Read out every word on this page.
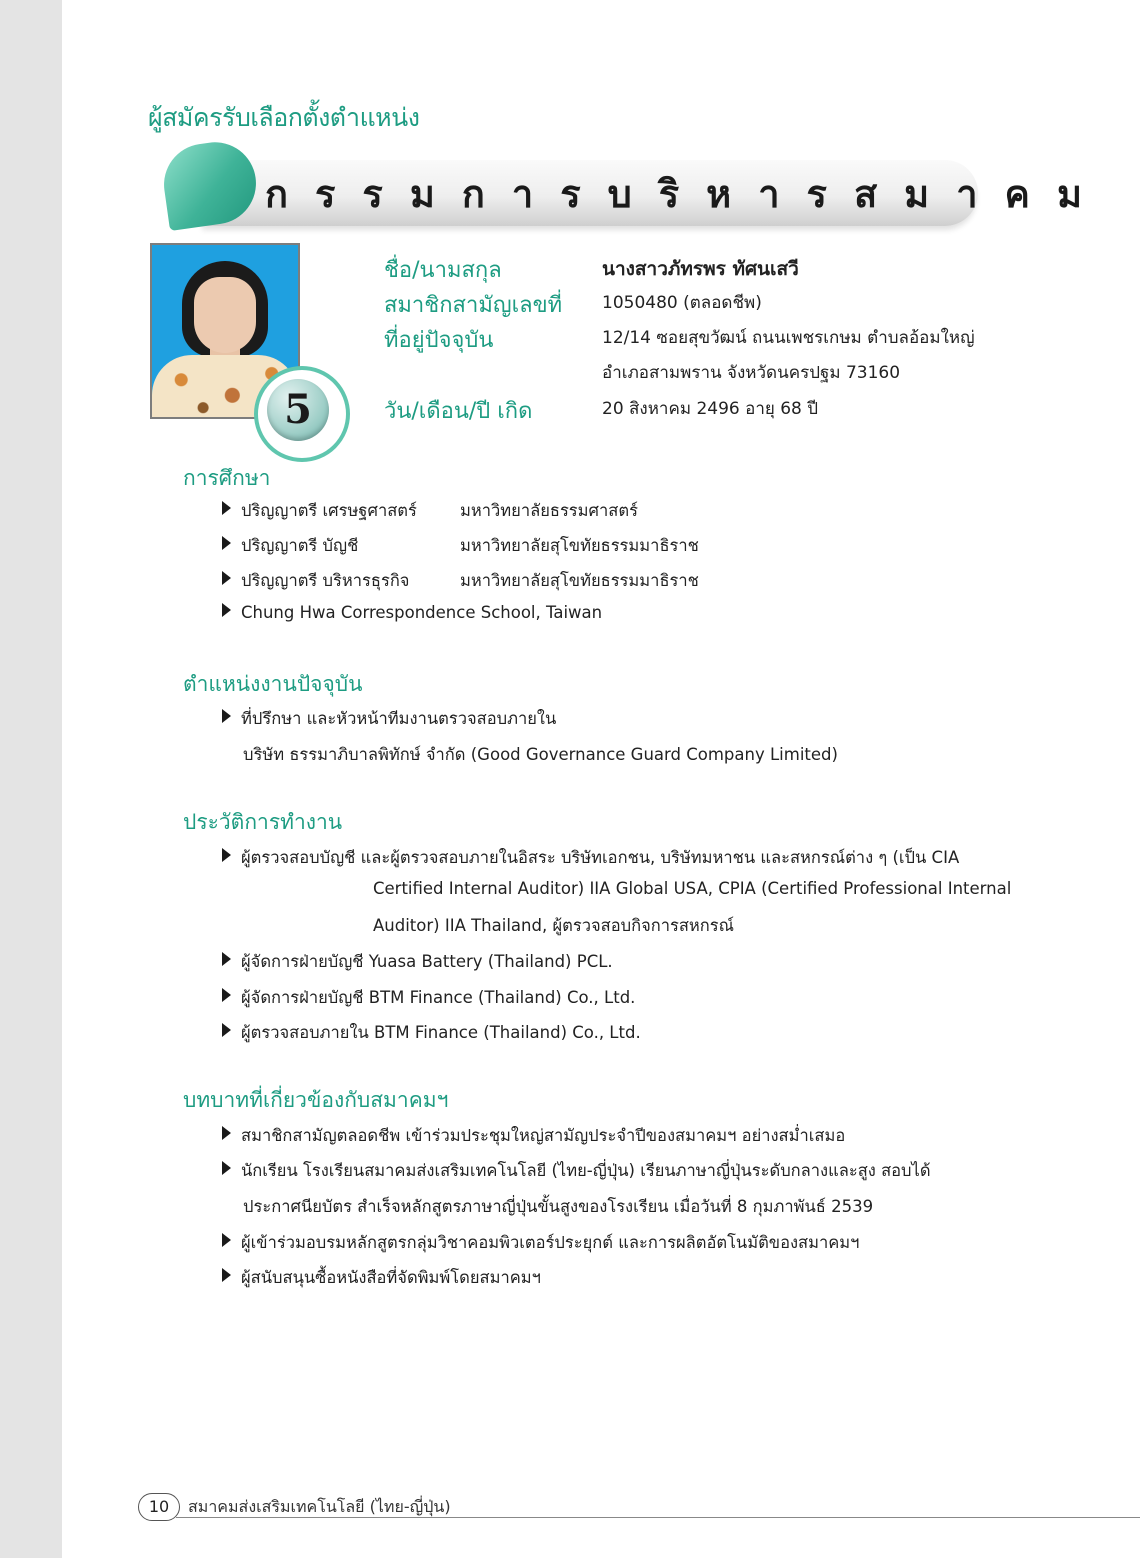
ผู้สมัครรับเลือกตั้งตำแหน่ง
กรรมการบริหารสมาคม
5
ชื่อ/นามสกุล	นางสาวภัทรพร ทัศนเสวี
สมาชิกสามัญเลขที่ 1050480 (ตลอดชีพ)
ที่อยู่ปัจจุบัน	12/14 ซอยสุขวัฒน์ ถนนเพชรเกษม ตำบลอ้อมใหญ่
อำเภอสามพราน จังหวัดนครปฐม 73160
วัน/เดือน/ปี เกิด	20 สิงหาคม 2496 อายุ 68 ปี
การศึกษา
ปริญญาตรี เศรษฐศาสตร์	มหาวิทยาลัยธรรมศาสตร์
ปริญญาตรี บัญชี	มหาวิทยาลัยสุโขทัยธรรมมาธิราช
ปริญญาตรี บริหารธุรกิจ	มหาวิทยาลัยสุโขทัยธรรมมาธิราช
Chung Hwa Correspondence School, Taiwan
ตำแหน่งงานปัจจุบัน
ที่ปรึกษา และหัวหน้าทีมงานตรวจสอบภายใน
บริษัท ธรรมาภิบาลพิทักษ์ จำกัด (Good Governance Guard Company Limited)
ประวัติการทำงาน
ผู้ตรวจสอบบัญชี และผู้ตรวจสอบภายในอิสระ บริษัทเอกชน, บริษัทมหาชน และสหกรณ์ต่าง ๆ (เป็น CIA
Certified Internal Auditor) IIA Global USA, CPIA (Certified Professional Internal
Auditor) IIA Thailand, ผู้ตรวจสอบกิจการสหกรณ์
ผู้จัดการฝ่ายบัญชี Yuasa Battery (Thailand) PCL.
ผู้จัดการฝ่ายบัญชี BTM Finance (Thailand) Co., Ltd.
ผู้ตรวจสอบภายใน BTM Finance (Thailand) Co., Ltd.
บทบาทที่เกี่ยวข้องกับสมาคมฯ
สมาชิกสามัญตลอดชีพ เข้าร่วมประชุมใหญ่สามัญประจำปีของสมาคมฯ อย่างสม่ำเสมอ
นักเรียน โรงเรียนสมาคมส่งเสริมเทคโนโลยี (ไทย-ญี่ปุ่น) เรียนภาษาญี่ปุ่นระดับกลางและสูง สอบได้
ประกาศนียบัตร สำเร็จหลักสูตรภาษาญี่ปุ่นขั้นสูงของโรงเรียน เมื่อวันที่ 8 กุมภาพันธ์ 2539
ผู้เข้าร่วมอบรมหลักสูตรกลุ่มวิชาคอมพิวเตอร์ประยุกต์ และการผลิตอัตโนมัติของสมาคมฯ
ผู้สนับสนุนซื้อหนังสือที่จัดพิมพ์โดยสมาคมฯ
10	สมาคมส่งเสริมเทคโนโลยี (ไทย-ญี่ปุ่น)
